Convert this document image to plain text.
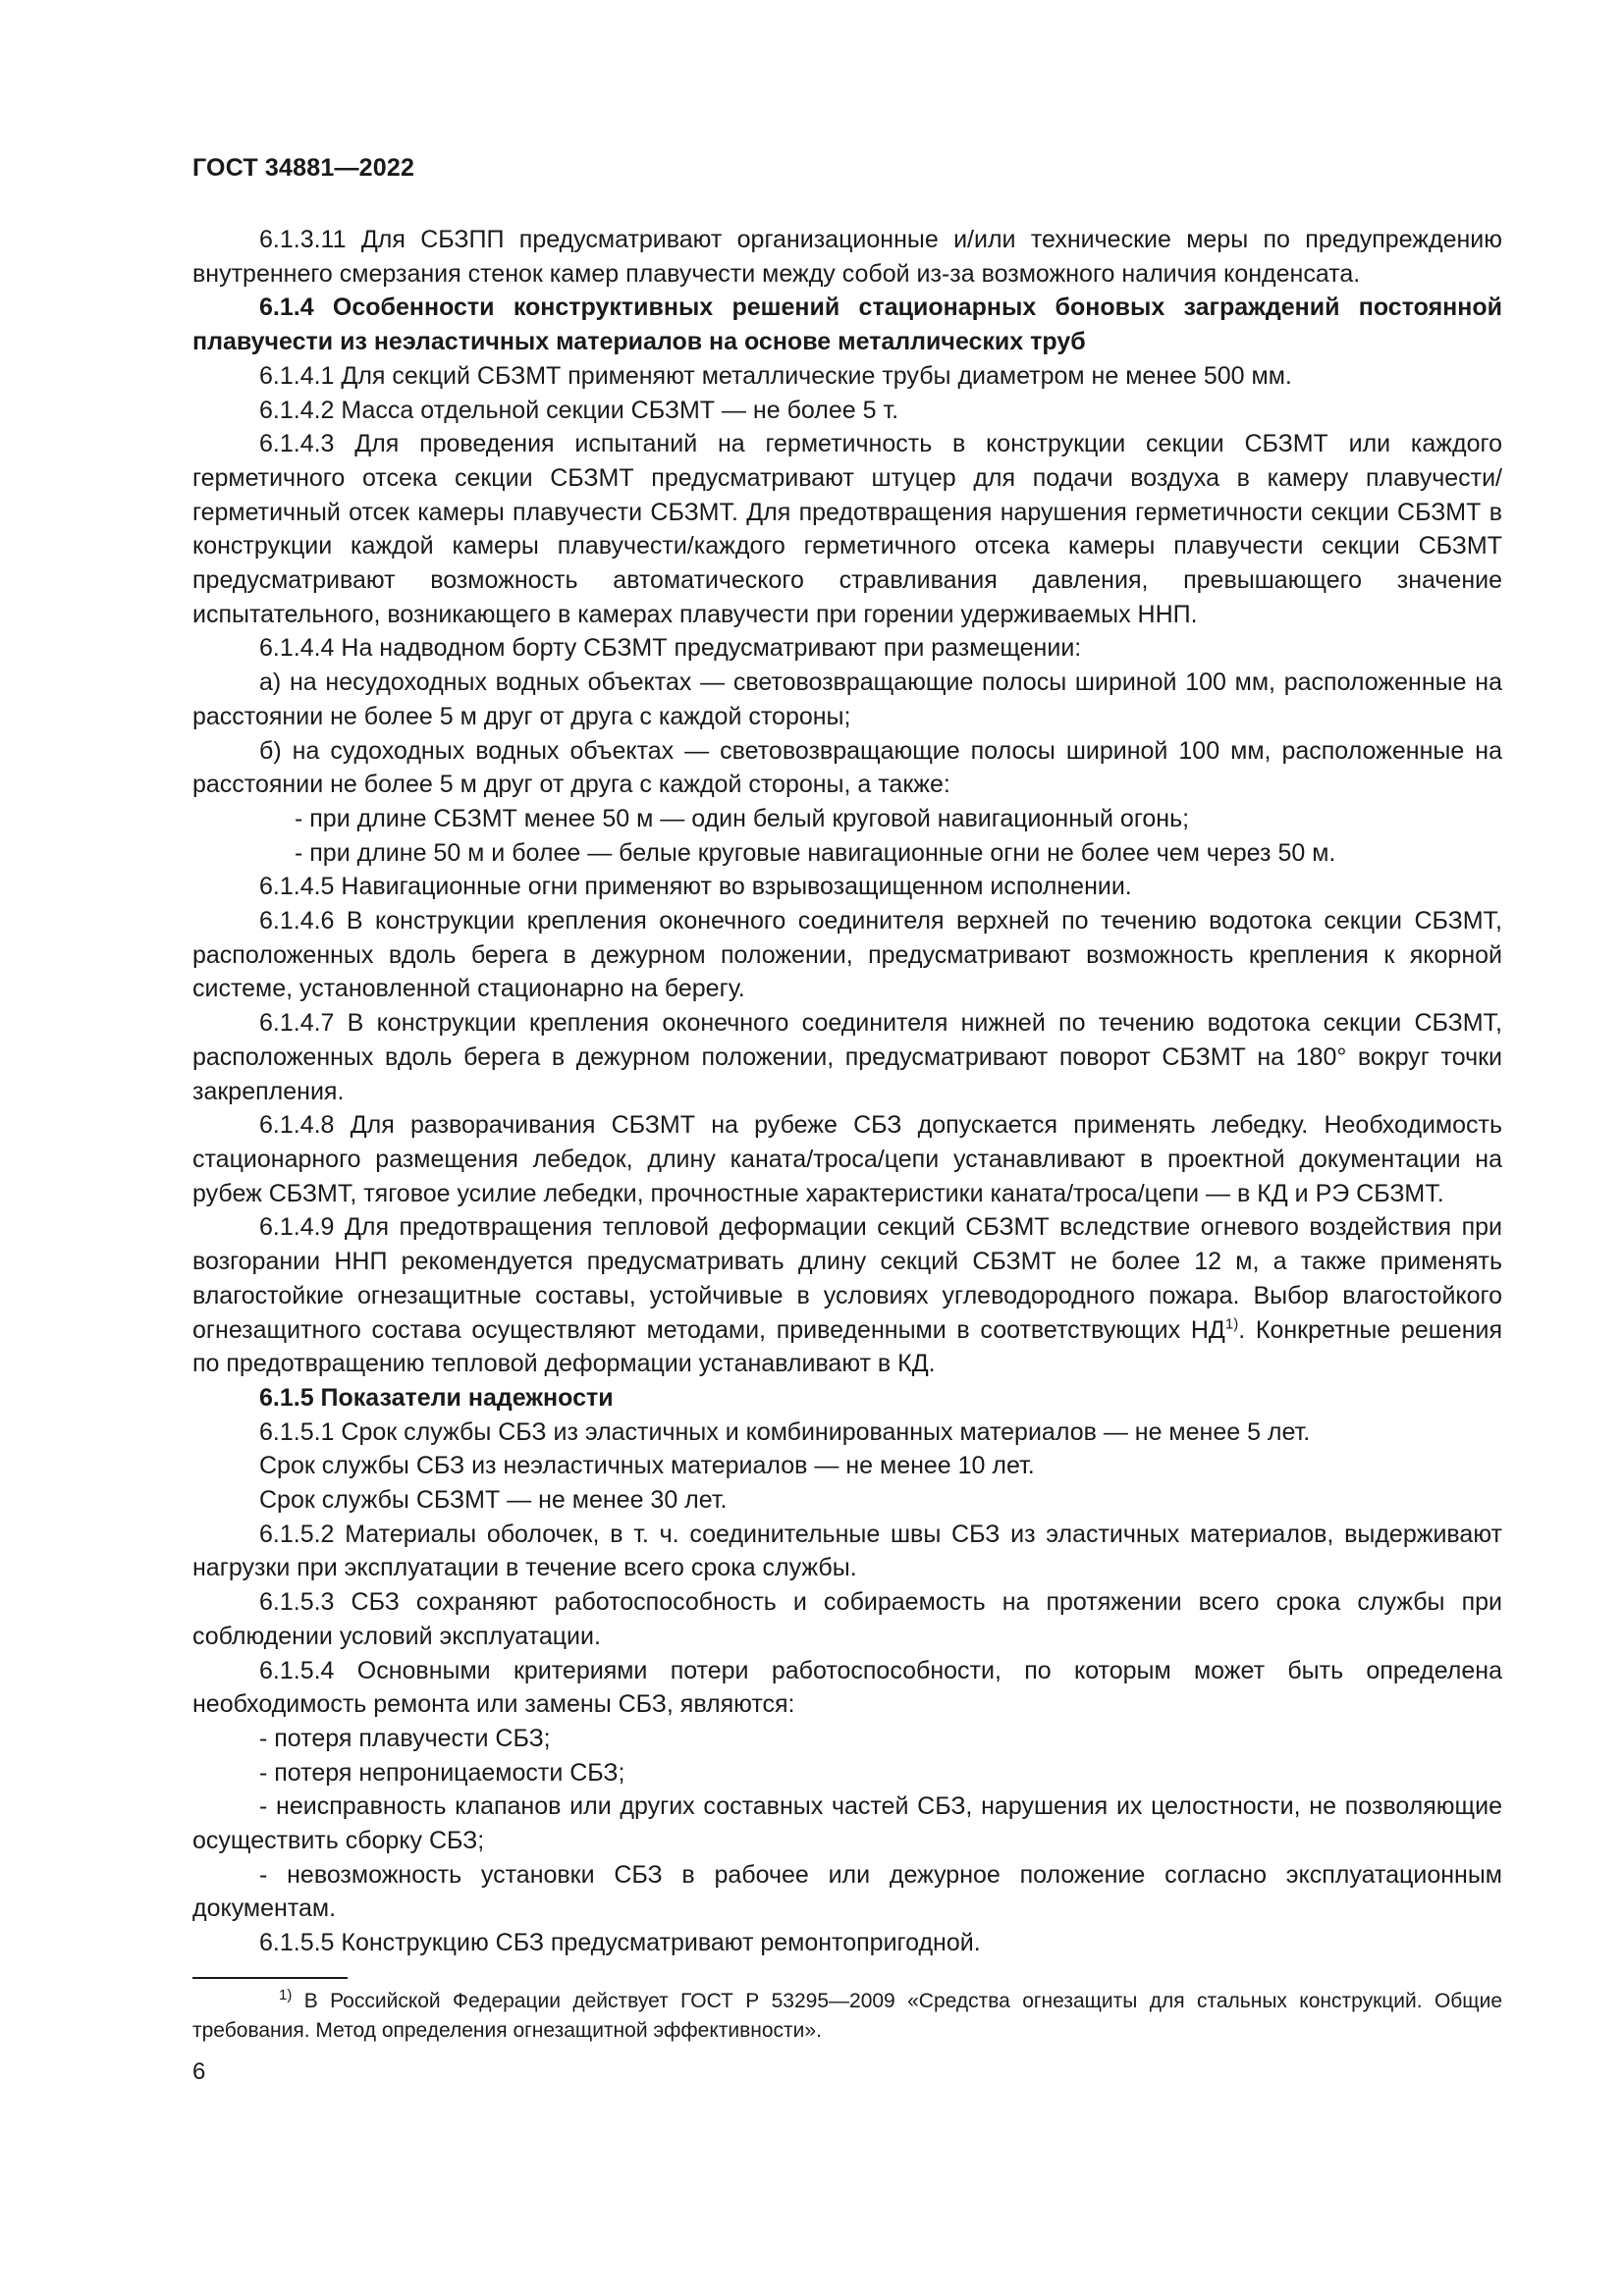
ГОСТ 34881—2022

6.1.3.11 Для СБЗПП предусматривают организационные и/или технические меры по предупреждению внутреннего смерзания стенок камер плавучести между собой из-за возможного наличия конденсата.

6.1.4 Особенности конструктивных решений стационарных боновых заграждений постоянной плавучести из неэластичных материалов на основе металлических труб

6.1.4.1 Для секций СБЗМТ применяют металлические трубы диаметром не менее 500 мм.

6.1.4.2 Масса отдельной секции СБЗМТ — не более 5 т.

6.1.4.3 Для проведения испытаний на герметичность в конструкции секции СБЗМТ или каждого герметичного отсека секции СБЗМТ предусматривают штуцер для подачи воздуха в камеру плавучести/герметичный отсек камеры плавучести СБЗМТ. Для предотвращения нарушения герметичности секции СБЗМТ в конструкции каждой камеры плавучести/каждого герметичного отсека камеры плавучести секции СБЗМТ предусматривают возможность автоматического стравливания давления, превышающего значение испытательного, возникающего в камерах плавучести при горении удерживаемых ННП.

6.1.4.4 На надводном борту СБЗМТ предусматривают при размещении:

а) на несудоходных водных объектах — световозвращающие полосы шириной 100 мм, расположенные на расстоянии не более 5 м друг от друга с каждой стороны;

б) на судоходных водных объектах — световозвращающие полосы шириной 100 мм, расположенные на расстоянии не более 5 м друг от друга с каждой стороны, а также:

- при длине СБЗМТ менее 50 м — один белый круговой навигационный огонь;

- при длине 50 м и более — белые круговые навигационные огни не более чем через 50 м.

6.1.4.5 Навигационные огни применяют во взрывозащищенном исполнении.

6.1.4.6 В конструкции крепления оконечного соединителя верхней по течению водотока секции СБЗМТ, расположенных вдоль берега в дежурном положении, предусматривают возможность крепления к якорной системе, установленной стационарно на берегу.

6.1.4.7 В конструкции крепления оконечного соединителя нижней по течению водотока секции СБЗМТ, расположенных вдоль берега в дежурном положении, предусматривают поворот СБЗМТ на 180° вокруг точки закрепления.

6.1.4.8 Для разворачивания СБЗМТ на рубеже СБЗ допускается применять лебедку. Необходимость стационарного размещения лебедок, длину каната/троса/цепи устанавливают в проектной документации на рубеж СБЗМТ, тяговое усилие лебедки, прочностные характеристики каната/троса/цепи — в КД и РЭ СБЗМТ.

6.1.4.9 Для предотвращения тепловой деформации секций СБЗМТ вследствие огневого воздействия при возгорании ННП рекомендуется предусматривать длину секций СБЗМТ не более 12 м, а также применять влагостойкие огнезащитные составы, устойчивые в условиях углеводородного пожара. Выбор влагостойкого огнезащитного состава осуществляют методами, приведенными в соответствующих НД$^{1)}$. Конкретные решения по предотвращению тепловой деформации устанавливают в КД.

6.1.5 Показатели надежности

6.1.5.1 Срок службы СБЗ из эластичных и комбинированных материалов — не менее 5 лет.

Срок службы СБЗ из неэластичных материалов — не менее 10 лет.

Срок службы СБЗМТ — не менее 30 лет.

6.1.5.2 Материалы оболочек, в т. ч. соединительные швы СБЗ из эластичных материалов, выдерживают нагрузки при эксплуатации в течение всего срока службы.

6.1.5.3 СБЗ сохраняют работоспособность и собираемость на протяжении всего срока службы при соблюдении условий эксплуатации.

6.1.5.4 Основными критериями потери работоспособности, по которым может быть определена необходимость ремонта или замены СБЗ, являются:

- потеря плавучести СБЗ;

- потеря непроницаемости СБЗ;

- неисправность клапанов или других составных частей СБЗ, нарушения их целостности, не позволяющие осуществить сборку СБЗ;

- невозможность установки СБЗ в рабочее или дежурное положение согласно эксплуатационным документам.

6.1.5.5 Конструкцию СБЗ предусматривают ремонтопригодной.

$^{1)}$ В Российской Федерации действует ГОСТ Р 53295—2009 «Средства огнезащиты для стальных конструкций. Общие требования. Метод определения огнезащитной эффективности».
6
